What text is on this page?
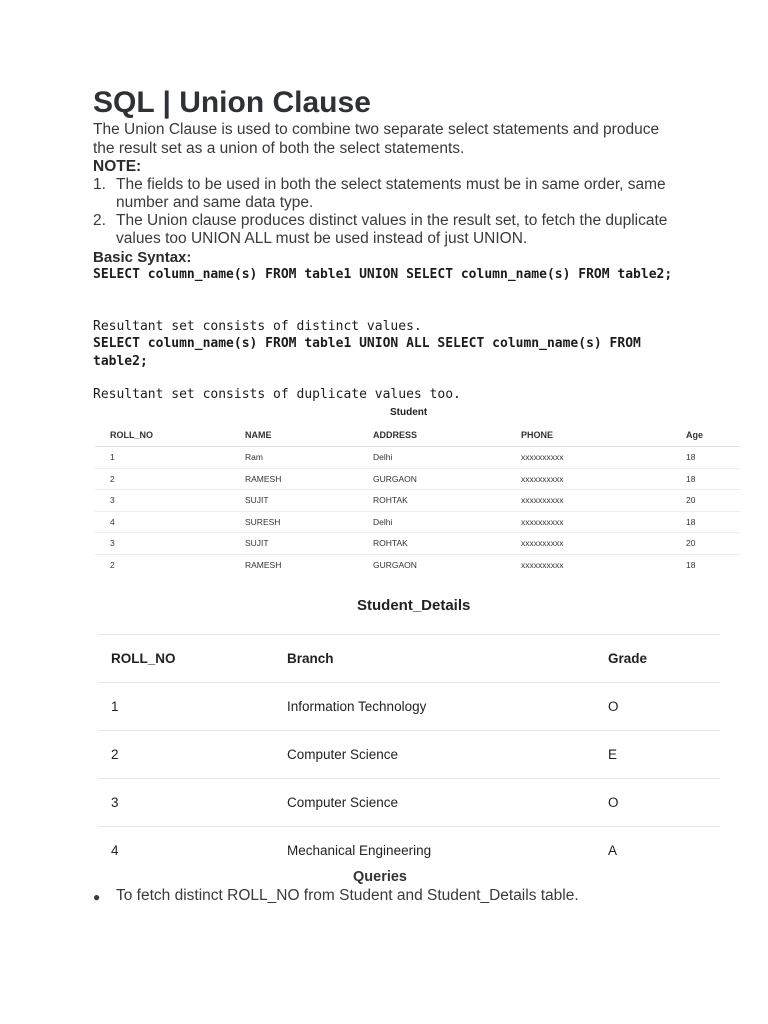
SQL | Union Clause
The Union Clause is used to combine two separate select statements and produce the result set as a union of both the select statements.
NOTE:
1. The fields to be used in both the select statements must be in same order, same number and same data type.
2. The Union clause produces distinct values in the result set, to fetch the duplicate values too UNION ALL must be used instead of just UNION.
Basic Syntax:
SELECT column_name(s) FROM table1 UNION SELECT column_name(s) FROM table2;
Resultant set consists of distinct values.
SELECT column_name(s) FROM table1 UNION ALL SELECT column_name(s) FROM table2;
Resultant set consists of duplicate values too.
Student
ROLL_NO	NAME	ADDRESS	PHONE	Age
1	Ram	Delhi	xxxxxxxxxx	18
2	RAMESH	GURGAON	xxxxxxxxxx	18
3	SUJIT	ROHTAK	xxxxxxxxxx	20
4	SURESH	Delhi	xxxxxxxxxx	18
3	SUJIT	ROHTAK	xxxxxxxxxx	20
2	RAMESH	GURGAON	xxxxxxxxxx	18
Student_Details
ROLL_NO	Branch	Grade
1	Information Technology	O
2	Computer Science	E
3	Computer Science	O
4	Mechanical Engineering	A
Queries
● To fetch distinct ROLL_NO from Student and Student_Details table.
